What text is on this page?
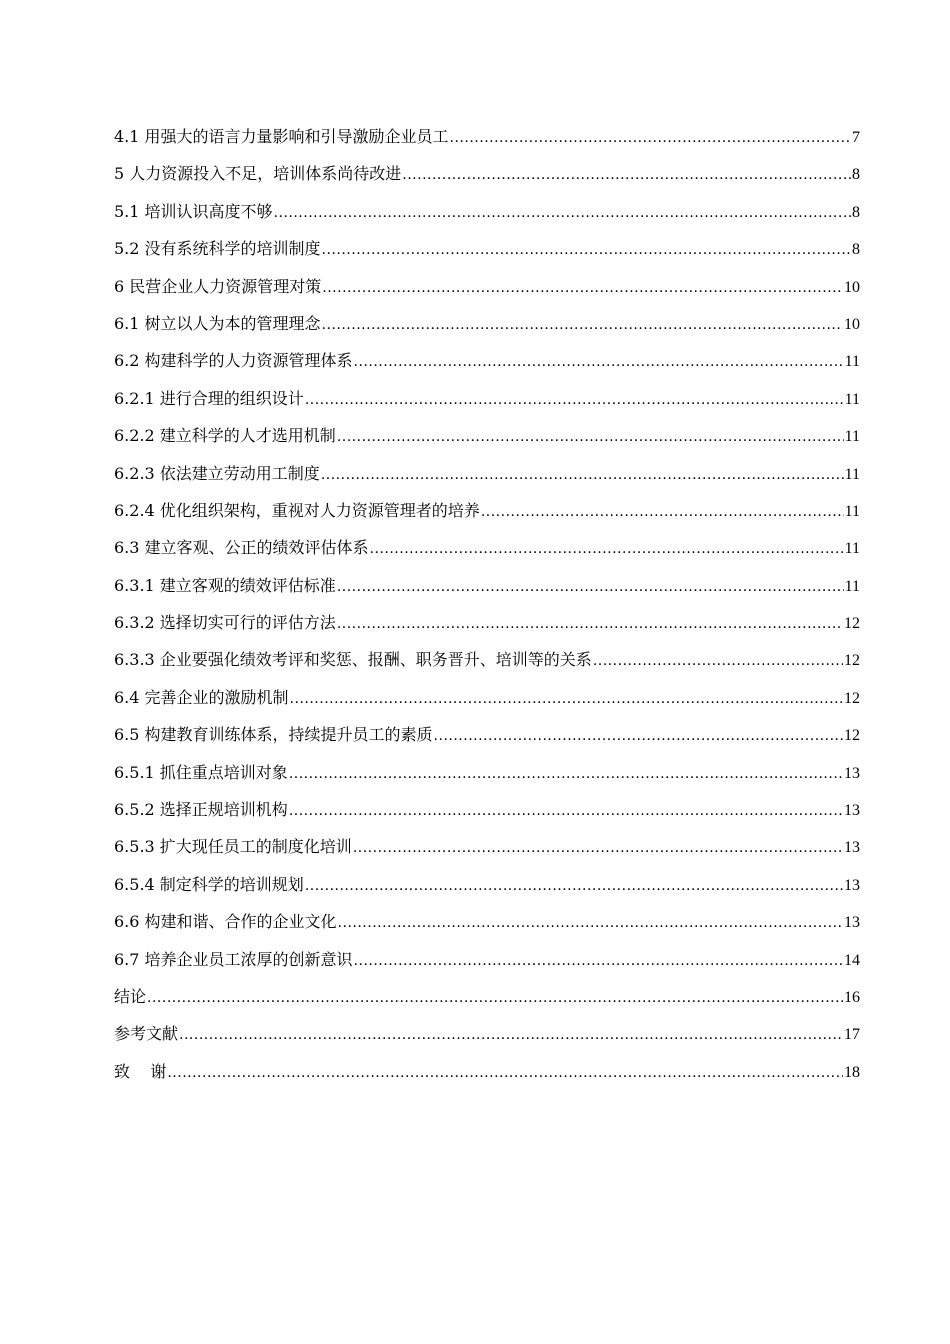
4.1 用强大的语言力量影响和引导激励企业员工 .....	7
5 人力资源投入不足，培训体系尚待改进 .....	8
5.1 培训认识高度不够 .....	8
5.2 没有系统科学的培训制度 .....	8
6 民营企业人力资源管理对策 .....	10
6.1 树立以人为本的管理理念 .....	10
6.2 构建科学的人力资源管理体系 .....	11
6.2.1 进行合理的组织设计 .....	11
6.2.2 建立科学的人才选用机制 .....	11
6.2.3 依法建立劳动用工制度 .....	11
6.2.4 优化组织架构，重视对人力资源管理者的培养 .....	11
6.3 建立客观、公正的绩效评估体系 .....	11
6.3.1 建立客观的绩效评估标准 .....	11
6.3.2 选择切实可行的评估方法 .....	12
6.3.3 企业要强化绩效考评和奖惩、报酬、职务晋升、培训等的关系 .....	12
6.4 完善企业的激励机制 .....	12
6.5 构建教育训练体系，持续提升员工的素质 .....	12
6.5.1 抓住重点培训对象 .....	13
6.5.2 选择正规培训机构 .....	13
6.5.3 扩大现任员工的制度化培训 .....	13
6.5.4 制定科学的培训规划 .....	13
6.6 构建和谐、合作的企业文化 .....	13
6.7 培养企业员工浓厚的创新意识 .....	14
结论 .....	16
参考文献 .....	17
致    谢 .....	18
